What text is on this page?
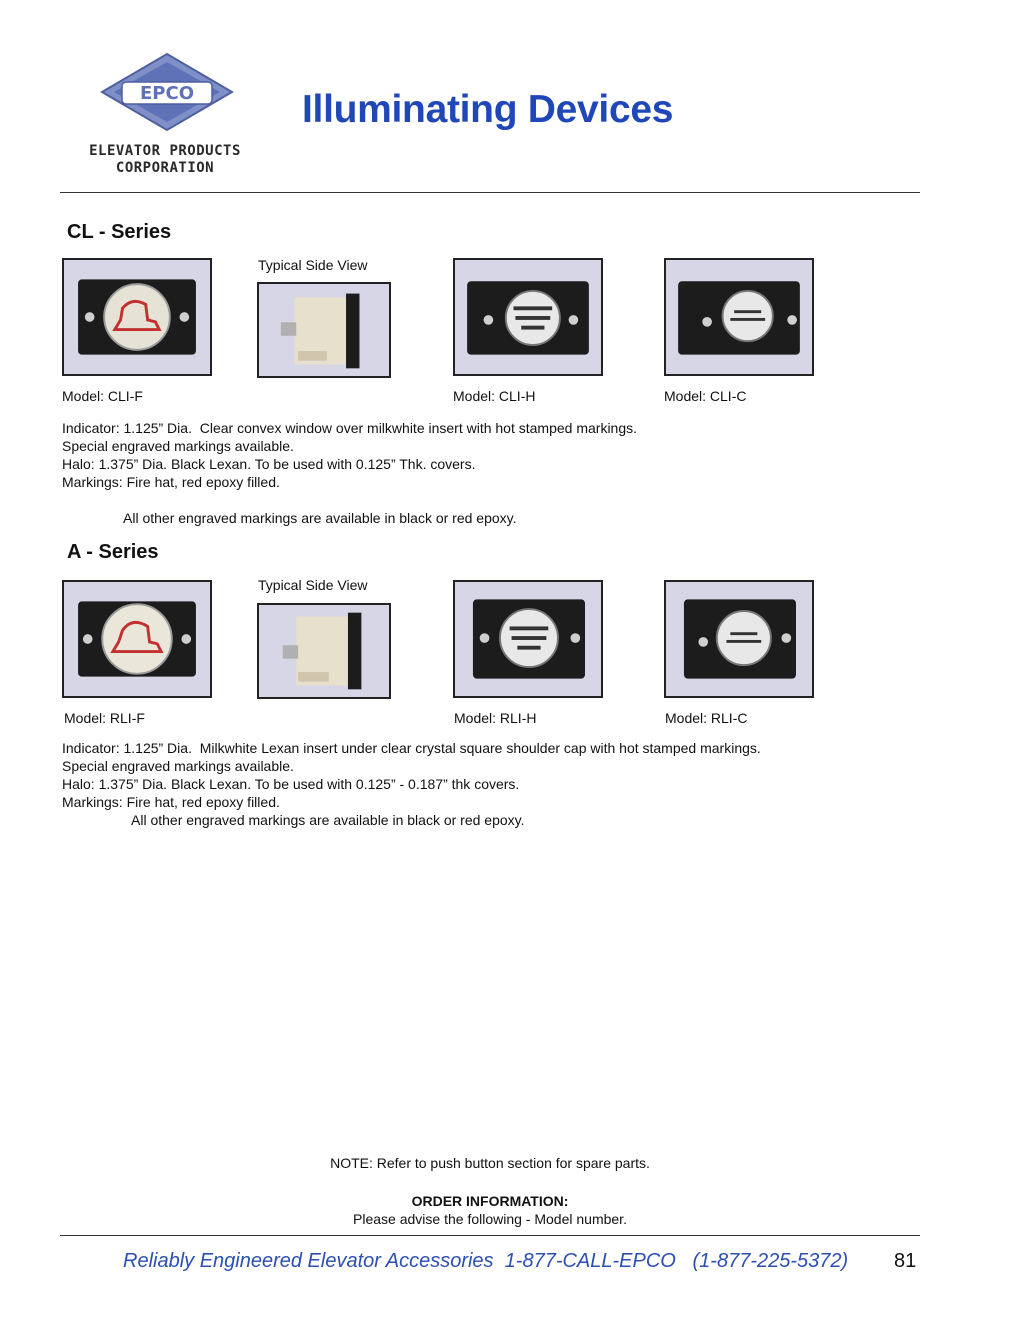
EPCO
ELEVATOR PRODUCTS
CORPORATION
Illuminating Devices
CL - Series
Typical Side View
Model: CLI-F	Model: CLI-H	Model: CLI-C
Indicator: 1.125” Dia.  Clear convex window over milkwhite insert with hot stamped markings.
Special engraved markings available.
Halo: 1.375” Dia. Black Lexan. To be used with 0.125” Thk. covers.
Markings: Fire hat, red epoxy filled.
All other engraved markings are available in black or red epoxy.
A - Series
Typical Side View
Model: RLI-F	Model: RLI-H	Model: RLI-C
Indicator: 1.125” Dia.  Milkwhite Lexan insert under clear crystal square shoulder cap with hot stamped markings.
Special engraved markings available.
Halo: 1.375” Dia. Black Lexan. To be used with 0.125” - 0.187” thk covers.
Markings: Fire hat, red epoxy filled.
All other engraved markings are available in black or red epoxy.
NOTE: Refer to push button section for spare parts.
ORDER INFORMATION:
Please advise the following - Model number.
Reliably Engineered Elevator Accessories  1-877-CALL-EPCO   (1-877-225-5372) 81
